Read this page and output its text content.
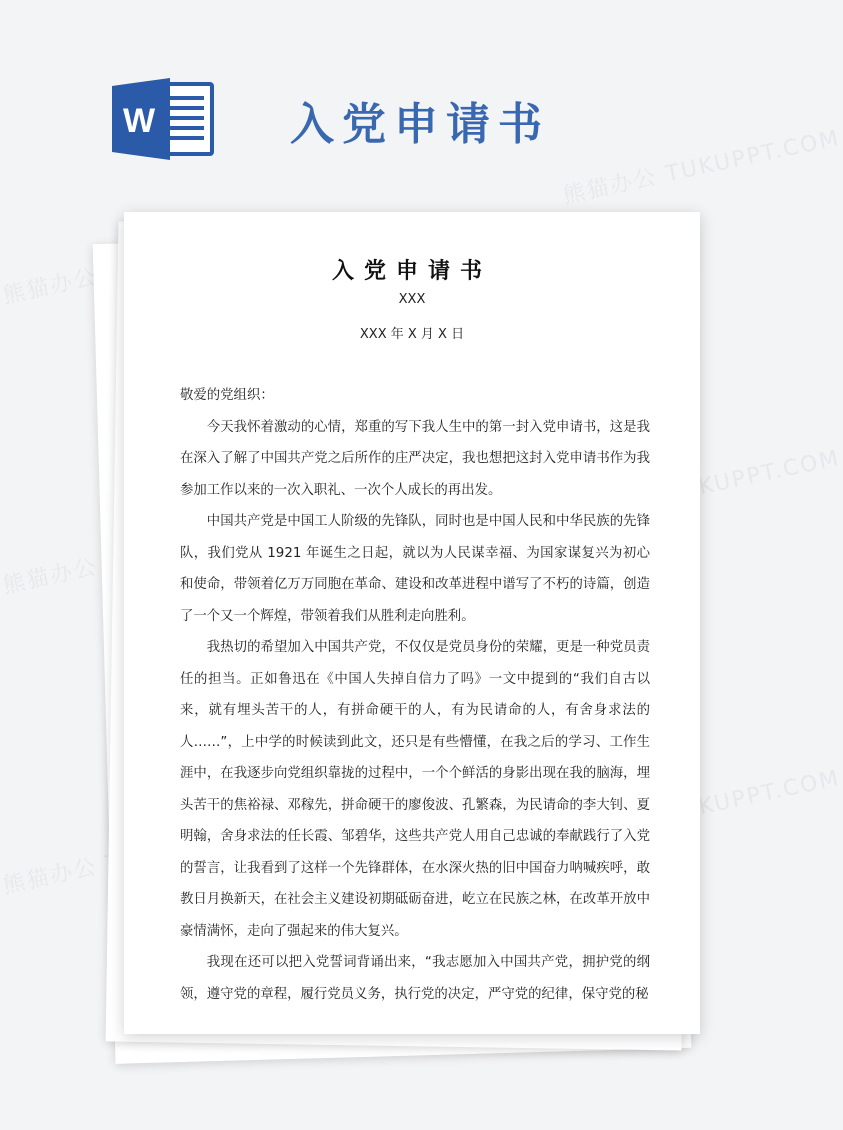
熊猫办公 TUKUPPT.COM
熊猫办公
熊猫办公 TUKUPPT.COM
熊猫办公
熊猫办公 TUKUPPT.COM
熊猫办公
W	入党申请书
入党申请书
XXX
XXX 年 X 月 X 日

敬爱的党组织：

今天我怀着激动的心情，郑重的写下我人生中的第一封入党申请书，这是我在深入了解了中国共产党之后所作的庄严决定，我也想把这封入党申请书作为我参加工作以来的一次入职礼、一次个人成长的再出发。

中国共产党是中国工人阶级的先锋队，同时也是中国人民和中华民族的先锋队，我们党从 1921 年诞生之日起，就以为人民谋幸福、为国家谋复兴为初心和使命，带领着亿万万同胞在革命、建设和改革进程中谱写了不朽的诗篇，创造了一个又一个辉煌，带领着我们从胜利走向胜利。

我热切的希望加入中国共产党，不仅仅是党员身份的荣耀，更是一种党员责任的担当。正如鲁迅在《中国人失掉自信力了吗》一文中提到的“我们自古以来，就有埋头苦干的人，有拼命硬干的人，有为民请命的人，有舍身求法的人……”，上中学的时候读到此文，还只是有些懵懂，在我之后的学习、工作生涯中，在我逐步向党组织靠拢的过程中，一个个鲜活的身影出现在我的脑海，埋头苦干的焦裕禄、邓稼先，拼命硬干的廖俊波、孔繁森，为民请命的李大钊、夏明翰，舍身求法的任长霞、邹碧华，这些共产党人用自己忠诚的奉献践行了入党的誓言，让我看到了这样一个先锋群体，在水深火热的旧中国奋力呐喊疾呼，敢教日月换新天，在社会主义建设初期砥砺奋进，屹立在民族之林，在改革开放中豪情满怀，走向了强起来的伟大复兴。

我现在还可以把入党誓词背诵出来，“我志愿加入中国共产党，拥护党的纲领，遵守党的章程，履行党员义务，执行党的决定，严守党的纪律，保守党的秘
